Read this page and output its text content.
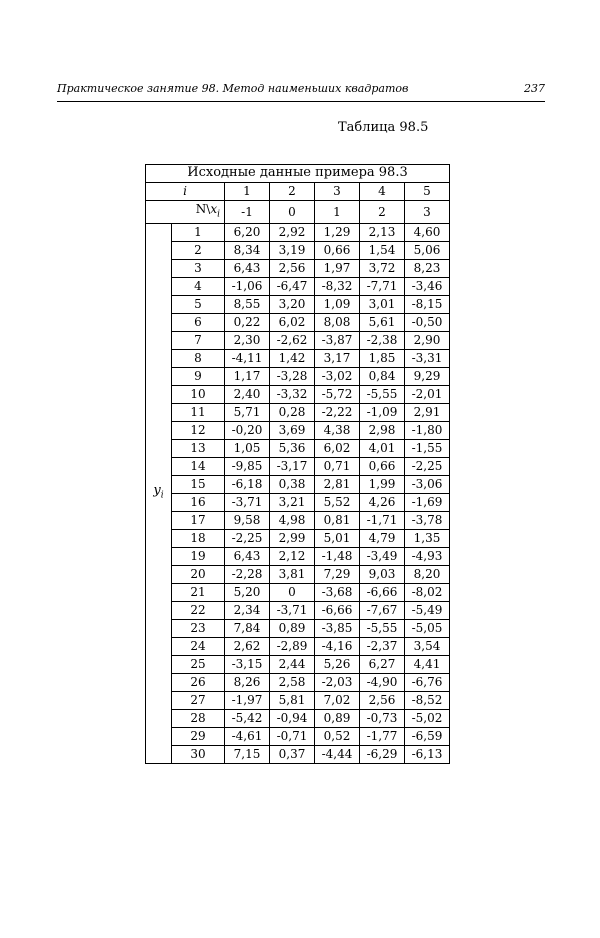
Практическое занятие 98. Метод наименьших квадратов	237
Таблица 98.5
Исходные данные примера 98.3						
i		1	2	3	4	5
$N\backslash x_i$		-1	0	1	2	3
$y_i$	1	6,20	2,92	1,29	2,13	4,60
	2	8,34	3,19	0,66	1,54	5,06
	3	6,43	2,56	1,97	3,72	8,23
	4	-1,06	-6,47	-8,32	-7,71	-3,46
	5	8,55	3,20	1,09	3,01	-8,15
	6	0,22	6,02	8,08	5,61	-0,50
	7	2,30	-2,62	-3,87	-2,38	2,90
	8	-4,11	1,42	3,17	1,85	-3,31
	9	1,17	-3,28	-3,02	0,84	9,29
	10	2,40	-3,32	-5,72	-5,55	-2,01
	11	5,71	0,28	-2,22	-1,09	2,91
	12	-0,20	3,69	4,38	2,98	-1,80
	13	1,05	5,36	6,02	4,01	-1,55
	14	-9,85	-3,17	0,71	0,66	-2,25
	15	-6,18	0,38	2,81	1,99	-3,06
	16	-3,71	3,21	5,52	4,26	-1,69
	17	9,58	4,98	0,81	-1,71	-3,78
	18	-2,25	2,99	5,01	4,79	1,35
	19	6,43	2,12	-1,48	-3,49	-4,93
	20	-2,28	3,81	7,29	9,03	8,20
	21	5,20	0	-3,68	-6,66	-8,02
	22	2,34	-3,71	-6,66	-7,67	-5,49
	23	7,84	0,89	-3,85	-5,55	-5,05
	24	2,62	-2,89	-4,16	-2,37	3,54
	25	-3,15	2,44	5,26	6,27	4,41
	26	8,26	2,58	-2,03	-4,90	-6,76
	27	-1,97	5,81	7,02	2,56	-8,52
	28	-5,42	-0,94	0,89	-0,73	-5,02
	29	-4,61	-0,71	0,52	-1,77	-6,59
	30	7,15	0,37	-4,44	-6,29	-6,13
